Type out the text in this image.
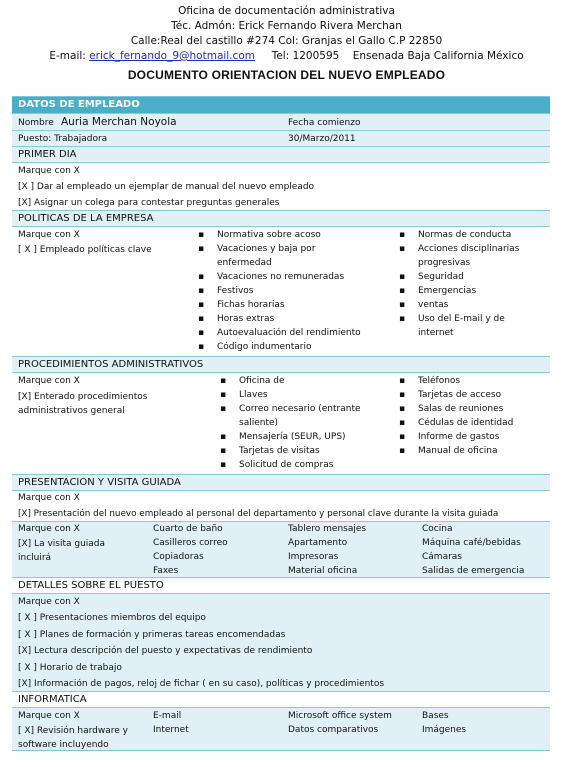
Oficina de documentación administrativa
Téc. Admón: Erick Fernando Rivera Merchan
Calle:Real del castillo #274 Col: Granjas el Gallo C.P 22850
E-mail: erick_fernando_9@hotmail.com Tel: 1200595 Ensenada Baja California México
DOCUMENTO ORIENTACION DEL NUEVO EMPLEADO
DATOS DE EMPLEADO
Nombre Auria Merchan Noyola	Fecha comienzo
Puesto: Trabajadora	30/Marzo/2011
PRIMER DIA
Marque con X
[X ] Dar al empleado un ejemplar de manual del nuevo empleado
[X] Asignar un colega para contestar preguntas generales
POLITICAS DE LA EMPRESA
Marque con X
[ X ] Empleado políticas clave
▪ Normativa sobre acoso
▪ Vacaciones y baja por enfermedad
▪ Vacaciones no remuneradas
▪ Festivos
▪ Fichas horarias
▪ Horas extras
▪ Autoevaluación del rendimiento
▪ Código indumentario
▪ Normas de conducta
▪ Acciones disciplinarias progresivas
▪ Seguridad
▪ Emergencias
▪ ventas
▪ Uso del E-mail y de internet
PROCEDIMIENTOS ADMINISTRATIVOS
Marque con X
[X] Enterado procedimientos administrativos general
▪ Oficina de
▪ Llaves
▪ Correo necesario (entrante saliente)
▪ Mensajería (SEUR, UPS)
▪ Tarjetas de visitas
▪ Solicitud de compras
▪ Teléfonos
▪ Tarjetas de acceso
▪ Salas de reuniones
▪ Cédulas de identidad
▪ Informe de gastos
▪ Manual de oficina
PRESENTACION Y VISITA GUIADA
Marque con X
[X] Presentación del nuevo empleado al personal del departamento y personal clave durante la visita guiada
Marque con X
[X] La visita guiada incluirá
Cuarto de baño
Casilleros correo
Copiadoras
Faxes
Tablero mensajes
Apartamento
Impresoras
Material oficina
Cocina
Máquina café/bebidas
Cámaras
Salidas de emergencia
DETALLES SOBRE EL PUESTO
Marque con X
[ X ] Presentaciones miembros del equipo
[ X ] Planes de formación y primeras tareas encomendadas
[X] Lectura descripción del puesto y expectativas de rendimiento
[ X ] Horario de trabajo
[X] Información de pagos, reloj de fichar ( en su caso), políticas y procedimientos
INFORMATICA
Marque con X
[ X] Revisión hardware y software incluyendo
E-mail
Internet
Microsoft office system
Datos comparativos
Bases
Imágenes
